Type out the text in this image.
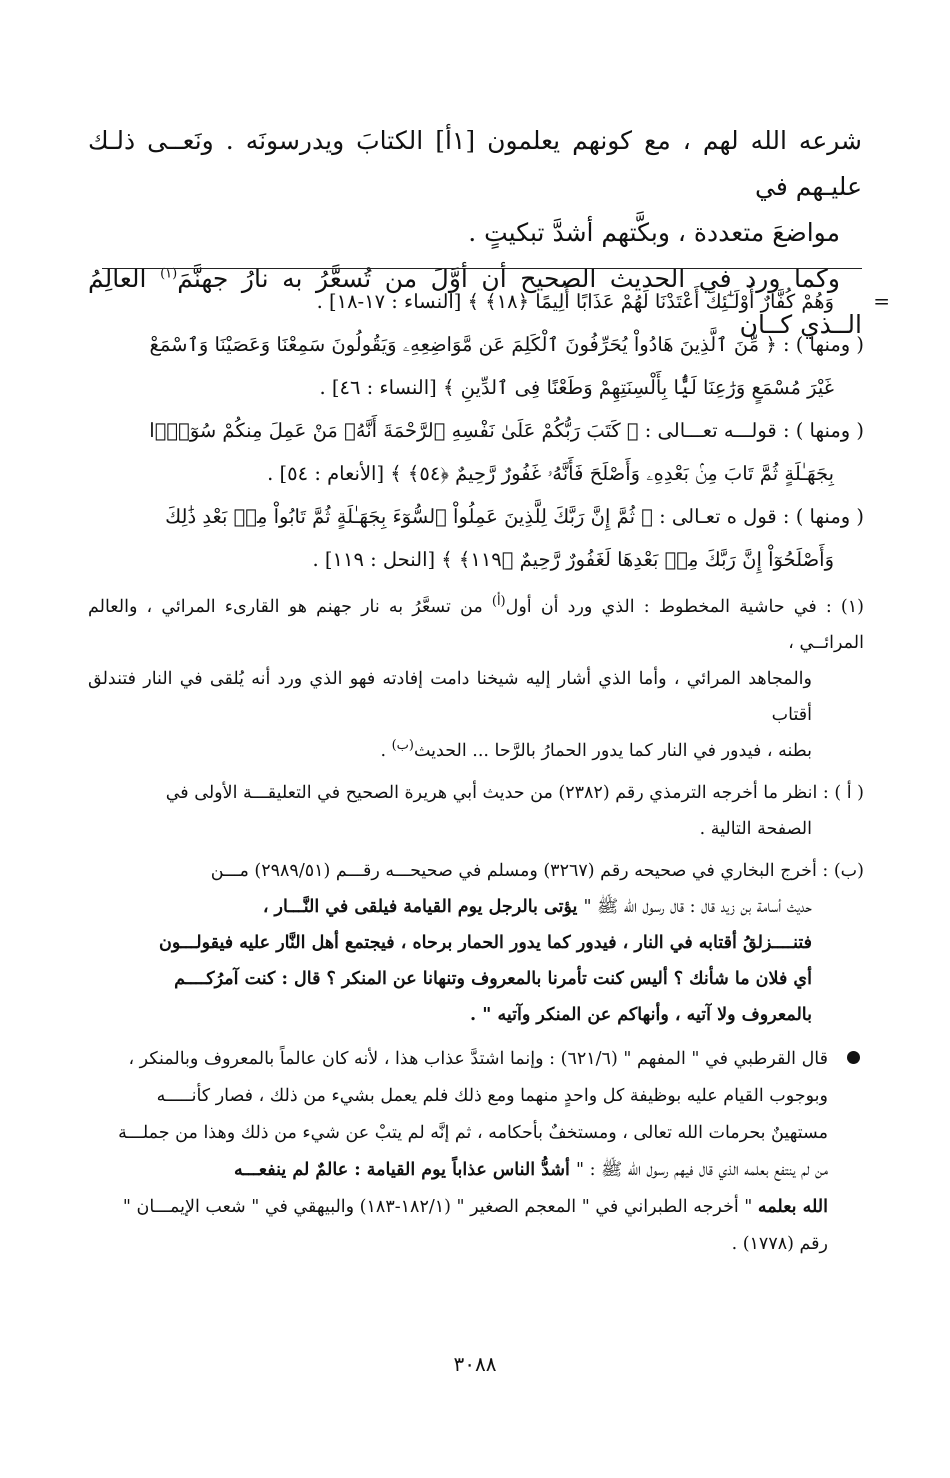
شرعه الله لهم ، مع كونهم يعلمون [١أ] الكتابَ ويدرسونَه . ونَعــى ذلـك عليـهم في

مواضعَ متعددة ، وبكَّتهم أشدَّ تبكيتٍ .

وكما ورد في الحديث الصحيح أن أوَّلَ من تُسعَّرُ به نارُ جهنَّمَ$^{(١)}$ العالِمُ الــذي كــان

=
وَهُمْ كُفَّارٌ أُوْلَـٰٓئِكَ أَعْتَدْنَا لَهُمْ عَذَابًا أَلِيمًا ﴿١٨﴾ ﴾ [النساء : ١٧-١٨] .

( ومنها ) : ﴿ مِّنَ ٱلَّذِينَ هَادُواْ يُحَرِّفُونَ ٱلْكَلِمَ عَن مَّوَاضِعِهِۦ وَيَقُولُونَ سَمِعْنَا وَعَصَيْنَا وَٱسْمَعْ

غَيْرَ مُسْمَعٍ وَرَٰعِنَا لَيًّۢا بِأَلْسِنَتِهِمْ وَطَعْنًا فِى ٱلدِّينِ ﴾ [النساء : ٤٦] .

( ومنها ) : قولـــه تعـــالى : ﴿ كَتَبَ رَبُّكُمْ عَلَىٰ نَفْسِهِ ٱلرَّحْمَةَ أَنَّهُۥ مَنْ عَمِلَ مِنكُمْ سُوٓءًۢا

بِجَهَـٰلَةٍ ثُمَّ تَابَ مِنۢ بَعْدِهِۦ وَأَصْلَحَ فَأَنَّهُۥ غَفُورٌ رَّحِيمٌ ﴿٥٤﴾ ﴾ [الأنعام : ٥٤] .

( ومنها ) : قول ه تعـالى : ﴿ ثُمَّ إِنَّ رَبَّكَ لِلَّذِينَ عَمِلُواْ ٱلسُّوٓءَ بِجَهَـٰلَةٍ ثُمَّ تَابُواْ مِنۢ بَعْدِ ذَٰلِكَ

وَأَصْلَحُوٓاْ إِنَّ رَبَّكَ مِنۢ بَعْدِهَا لَغَفُورٌ رَّحِيمٌ ﴿١١٩﴾ ﴾ [النحل : ١١٩] .

(١) : في حاشية المخطوط : الذي ورد أن أول$^{(أ)}$ من تسعَّرُ به نار جهنم هو القارىء المرائي ، والعالم المرائــي ،

والمجاهد المرائي ، وأما الذي أشار إليه شيخنا دامت إفادته فهو الذي ورد أنه يُلقى في النار فتندلق أقتاب

بطنه ، فيدور في النار كما يدور الحمارُ بالرَّحا ... الحديث$^{(ب)}$ .

( أ ) : انظر ما أخرجه الترمذي رقم (٢٣٨٢) من حديث أبي هريرة الصحيح في التعليقـــة الأولى في

الصفحة التالية .

(ب) : أخرج البخاري في صحيحه رقم (٣٢٦٧) ومسلم في صحيحـــه رقـــم (٢٩٨٩/٥١) مـــن

حديث أسامة بن زيد قال : قال رسول الله ﷺ " يؤتى بالرجل يوم القيامة فيلقى في النَّـــار ،

فتنــــزلقُ أقتابه في النار ، فيدور كما يدور الحمار برحاه ، فيجتمع أهل النَّار عليه فيقولـــون

أي فلان ما شأنك ؟ أليس كنت تأمرنا بالمعروف وتنهانا عن المنكر ؟ قال : كنت آمرُكــــم

بالمعروف ولا آتيه ، وأنهاكم عن المنكر وآتيه " .

قال القرطبي في " المفهم " (٦٢١/٦) : وإنما اشتدَّ عذاب هذا ، لأنه كان عالماً بالمعروف وبالمنكر ،

وبوجوب القيام عليه بوظيفة كل واحدٍ منهما ومع ذلك فلم يعمل بشيء من ذلك ، فصار كأنـــــه

مستهينٌ بحرمات الله تعالى ، ومستخفٌ بأحكامه ، ثم إنَّه لم يتبْ عن شيء من ذلك وهذا من جملـــة

من لم ينتفع بعلمه الذي قال فيهم رسول الله ﷺ : " أشدُّ الناس عذاباً يوم القيامة : عالمٌ لم ينفعـــه

الله بعلمه " أخرجه الطبراني في " المعجم الصغير " (١٨٢/١-١٨٣) والبيهقي في " شعب الإيمـــان "

رقم (١٧٧٨) .

٣٠٨٨
